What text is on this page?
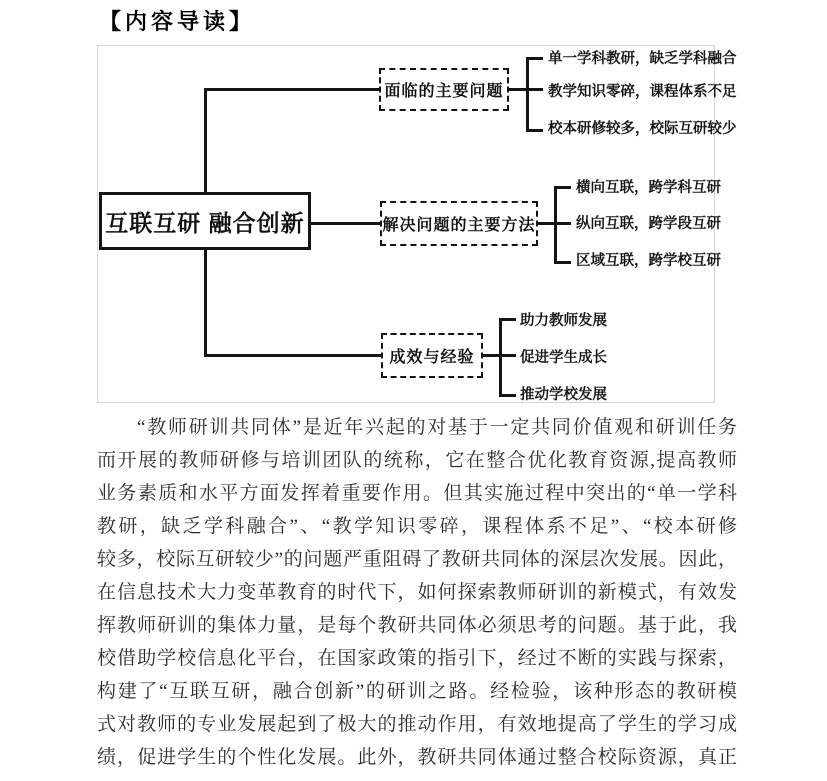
【内容导读】
互联互研 融合创新
面临的主要问题
单一学科教研，缺乏学科融合
教学知识零碎，课程体系不足
校本研修较多，校际互研较少
解决问题的主要方法
横向互联，跨学科互研
纵向互联，跨学段互研
区域互联，跨学校互研
成效与经验
助力教师发展
促进学生成长
推动学校发展
“教师研训共同体”是近年兴起的对基于一定共同价值观和研训任务
而开展的教师研修与培训团队的统称，它在整合优化教育资源,提高教师
业务素质和水平方面发挥着重要作用。但其实施过程中突出的“单一学科
教研，缺乏学科融合”、“教学知识零碎，课程体系不足”、“校本研修
较多，校际互研较少”的问题严重阻碍了教研共同体的深层次发展。因此，
在信息技术大力变革教育的时代下，如何探索教师研训的新模式，有效发
挥教师研训的集体力量，是每个教研共同体必须思考的问题。基于此，我
校借助学校信息化平台，在国家政策的指引下，经过不断的实践与探索，
构建了“互联互研，融合创新”的研训之路。经检验，该种形态的教研模
式对教师的专业发展起到了极大的推动作用，有效地提高了学生的学习成
绩，促进学生的个性化发展。此外，教研共同体通过整合校际资源，真正
